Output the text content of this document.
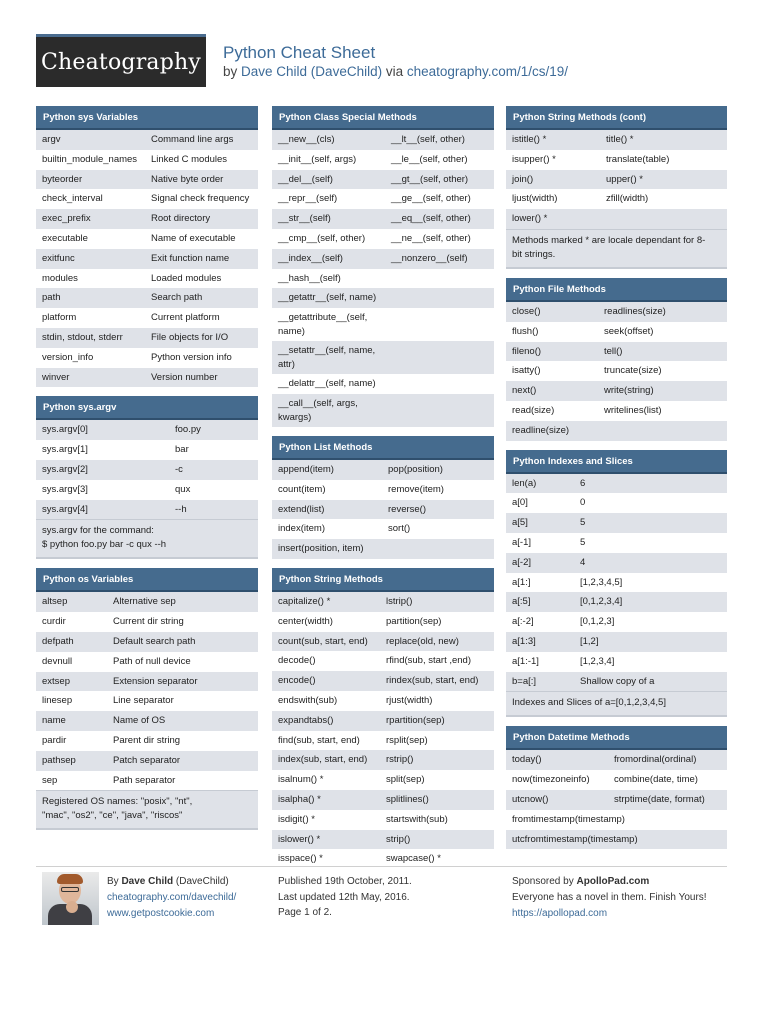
Cheatography Python Cheat Sheet
by Dave Child (DaveChild) via cheatography.com/1/cs/19/
Python sys Variables
argv	Command line args
builtin_module_names	Linked C modules
byteorder	Native byte order
check_interval	Signal check frequency
exec_prefix	Root directory
executable	Name of executable
exitfunc	Exit function name
modules	Loaded modules
path	Search path
platform	Current platform
stdin, stdout, stderr	File objects for I/O
version_info	Python version info
winver	Version number
Python sys.argv
sys.argv[0]	foo.py
sys.argv[1]	bar
sys.argv[2]	-c
sys.argv[3]	qux
sys.argv[4]	--h
sys.argv for the command:
$ python foo.py bar -c qux --h
Python os Variables
altsep	Alternative sep
curdir	Current dir string
defpath	Default search path
devnull	Path of null device
extsep	Extension separator
linesep	Line separator
name	Name of OS
pardir	Parent dir string
pathsep	Patch separator
sep	Path separator
Registered OS names: "posix", "nt",
"mac", "os2", "ce", "java", "riscos"
Python Class Special Methods
__new__(cls)	__lt__(self, other)
__init__(self, args)	__le__(self, other)
__del__(self)	__gt__(self, other)
__repr__(self)	__ge__(self, other)
__str__(self)	__eq__(self, other)
__cmp__(self, other)	__ne__(self, other)
__index__(self)	__nonzero__(self)
__hash__(self)
__getattr__(self, name)
__getattribute__(self, name)
__setattr__(self, name, attr)
__delattr__(self, name)
__call__(self, args, kwargs)
Python List Methods
append(item)	pop(position)
count(item)	remove(item)
extend(list)	reverse()
index(item)	sort()
insert(position, item)
Python String Methods
capitalize() *	lstrip()
center(width)	partition(sep)
count(sub, start, end)	replace(old, new)
decode()	rfind(sub, start ,end)
encode()	rindex(sub, start, end)
endswith(sub)	rjust(width)
expandtabs()	rpartition(sep)
find(sub, start, end)	rsplit(sep)
index(sub, start, end)	rstrip()
isalnum() *	split(sep)
isalpha() *	splitlines()
isdigit() *	startswith(sub)
islower() *	strip()
isspace() *	swapcase() *
Python String Methods (cont)
istitle() *	title() *
isupper() *	translate(table)
join()	upper() *
ljust(width)	zfill(width)
lower() *
Methods marked * are locale dependant for 8-
bit strings.
Python File Methods
close()	readlines(size)
flush()	seek(offset)
fileno()	tell()
isatty()	truncate(size)
next()	write(string)
read(size)	writelines(list)
readline(size)
Python Indexes and Slices
len(a)	6
a[0]	0
a[5]	5
a[-1]	5
a[-2]	4
a[1:]	[1,2,3,4,5]
a[:5]	[0,1,2,3,4]
a[:-2]	[0,1,2,3]
a[1:3]	[1,2]
a[1:-1]	[1,2,3,4]
b=a[:]	Shallow copy of a
Indexes and Slices of a=[0,1,2,3,4,5]
Python Datetime Methods
today()	fromordinal(ordinal)
now(timezoneinfo)	combine(date, time)
utcnow()	strptime(date, format)
fromtimestamp(timestamp)
utcfromtimestamp(timestamp)
By Dave Child (DaveChild)
cheatography.com/davechild/
www.getpostcookie.com
Published 19th October, 2011.
Last updated 12th May, 2016.
Page 1 of 2.
Sponsored by ApolloPad.com
Everyone has a novel in them. Finish Yours!
https://apollopad.com
